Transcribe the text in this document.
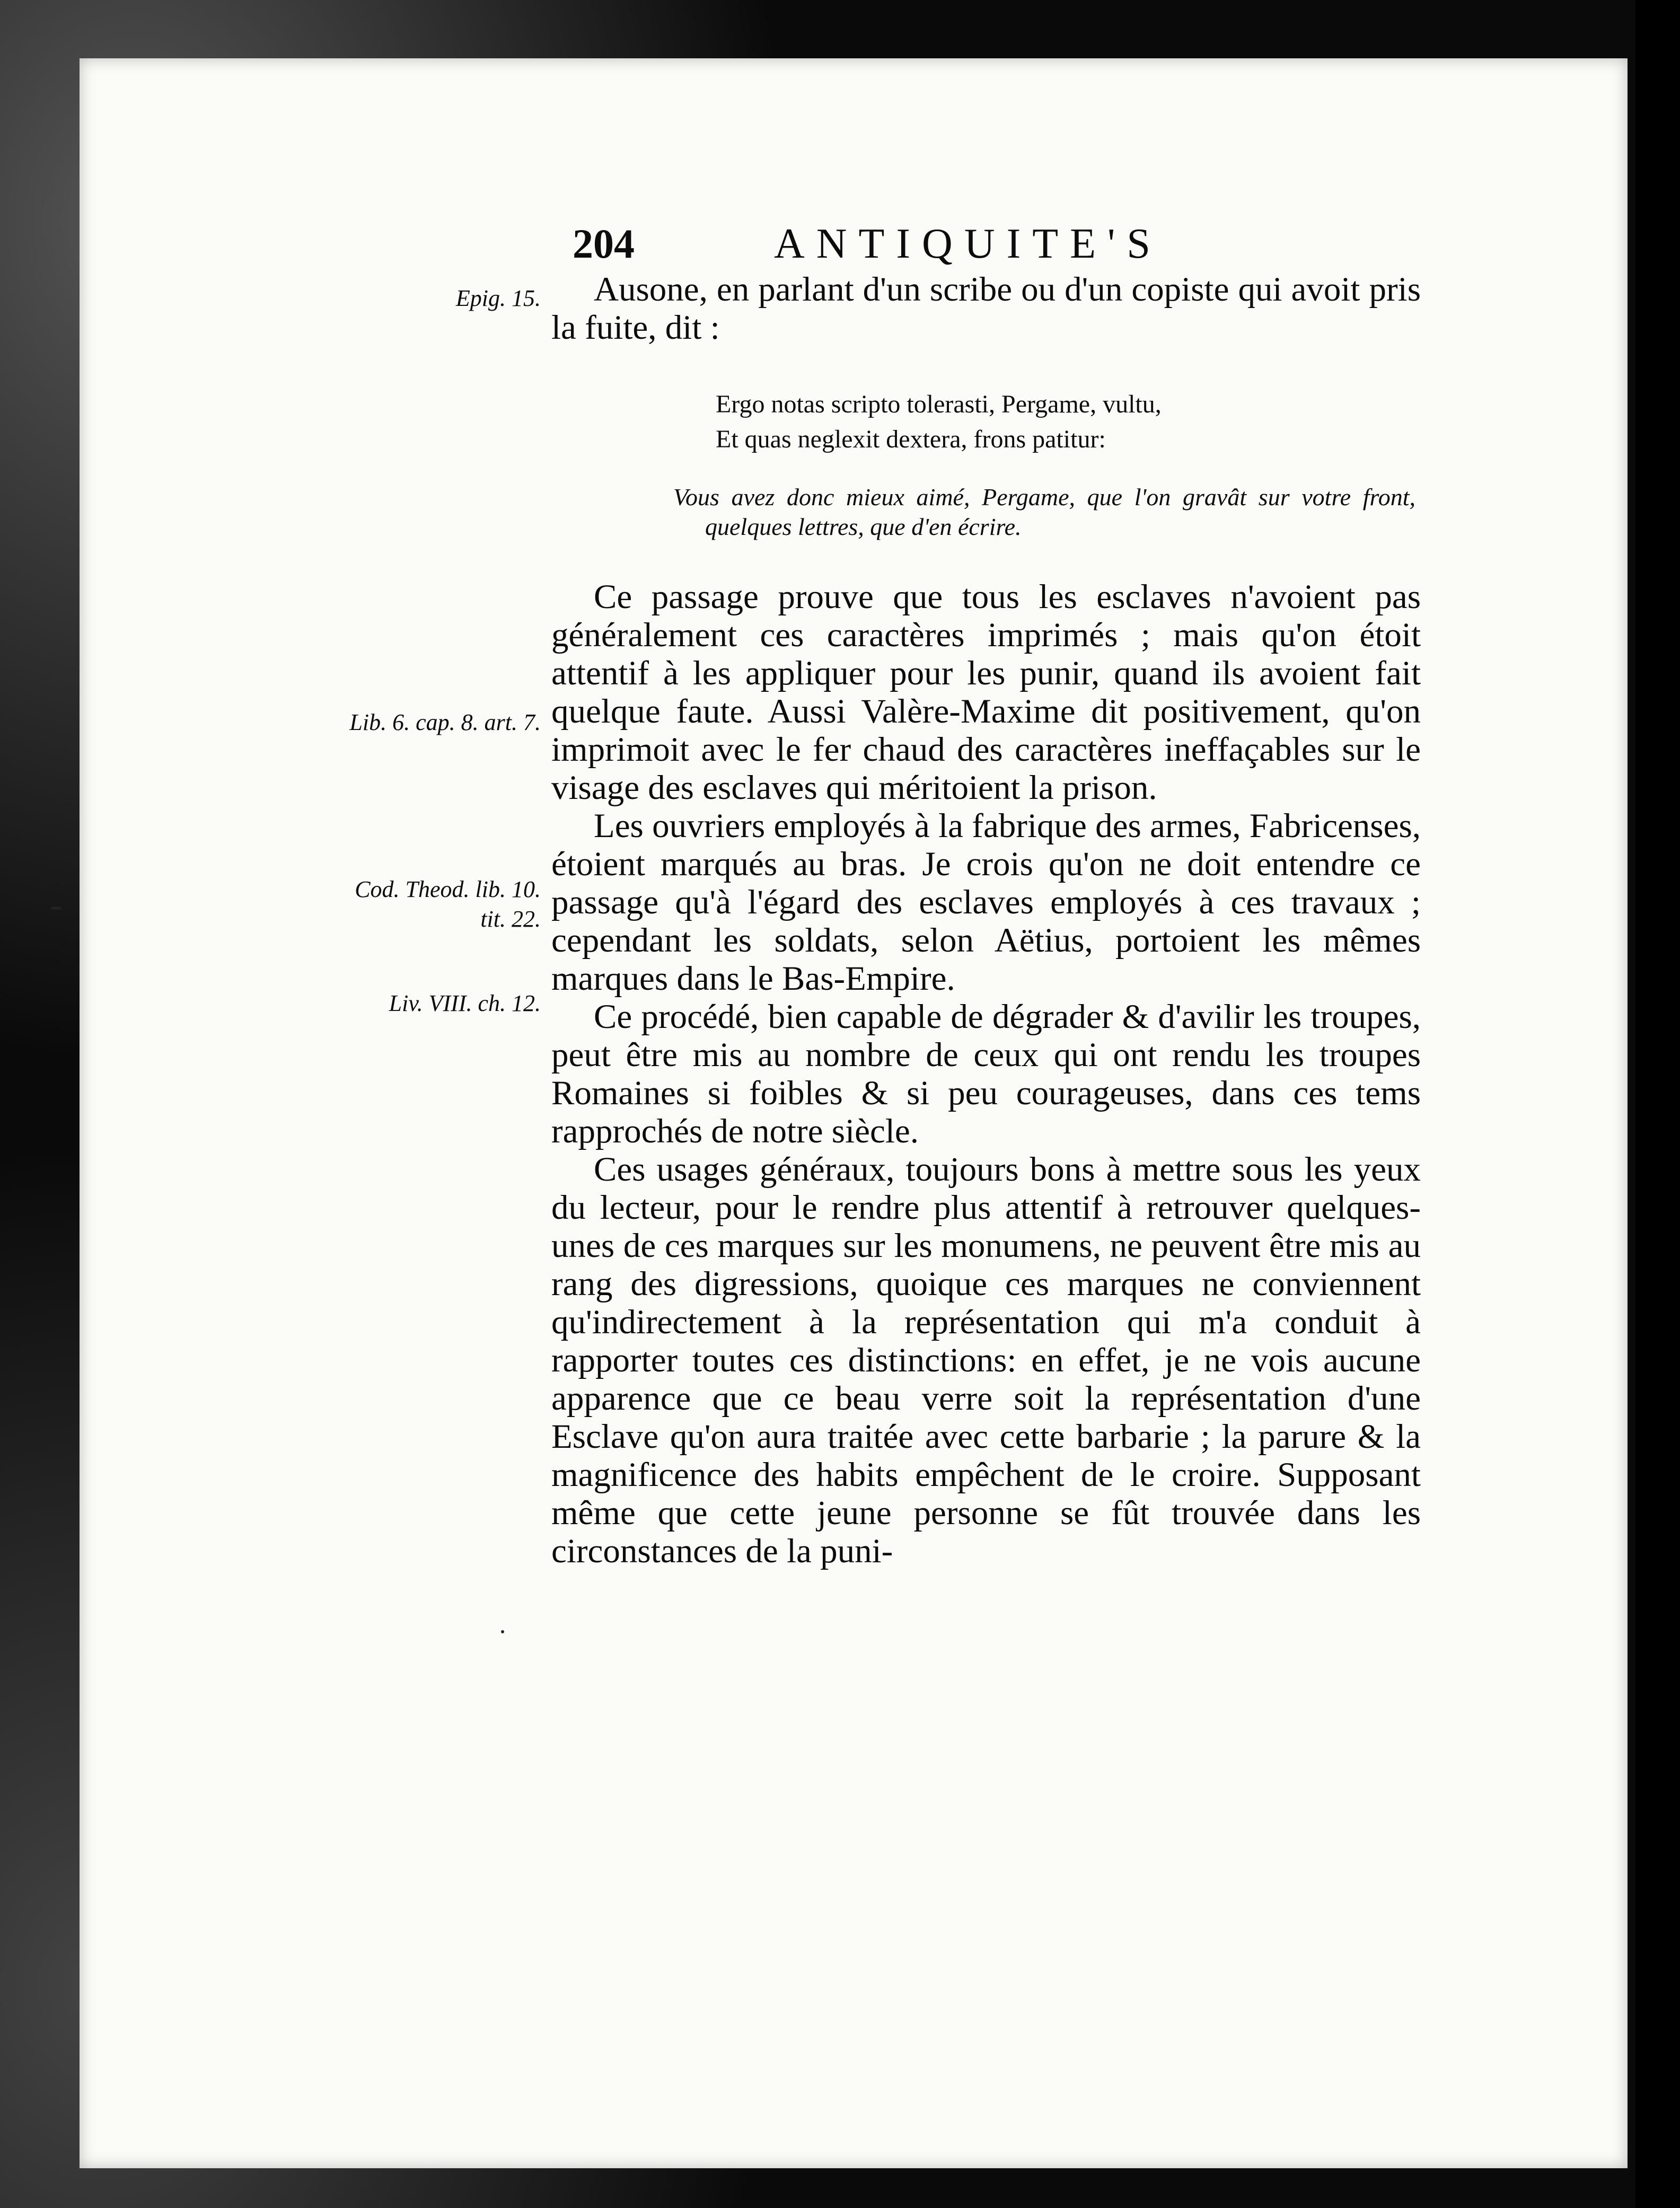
204	ANTIQUITE'S
Epig. 15.
Lib. 6. cap. 8. art. 7.
Cod. Theod. lib. 10. tit. 22.
Liv. VIII. ch. 12.

Ausone, en parlant d'un scribe ou d'un copiste qui avoit pris la fuite, dit :

Ergo notas scripto tolerasti, Pergame, vultu,
Et quas neglexit dextera, frons patitur:

Vous avez donc mieux aimé, Pergame, que l'on gravât sur votre front, quelques lettres, que d'en écrire.

Ce passage prouve que tous les esclaves n'avoient pas généralement ces caractères imprimés ; mais qu'on étoit attentif à les appliquer pour les punir, quand ils avoient fait quelque faute. Aussi Valère-Maxime dit positivement, qu'on imprimoit avec le fer chaud des caractères ineffaçables sur le visage des esclaves qui méritoient la prison.

Les ouvriers employés à la fabrique des armes, Fabricenses, étoient marqués au bras. Je crois qu'on ne doit entendre ce passage qu'à l'égard des esclaves employés à ces travaux ; cependant les soldats, selon Aëtius, portoient les mêmes marques dans le Bas-Empire.

Ce procédé, bien capable de dégrader & d'avilir les troupes, peut être mis au nombre de ceux qui ont rendu les troupes Romaines si foibles & si peu courageuses, dans ces tems rapprochés de notre siècle.

Ces usages généraux, toujours bons à mettre sous les yeux du lecteur, pour le rendre plus attentif à retrouver quelques-unes de ces marques sur les monumens, ne peuvent être mis au rang des digressions, quoique ces marques ne conviennent qu'indirectement à la représentation qui m'a conduit à rapporter toutes ces distinctions: en effet, je ne vois aucune apparence que ce beau verre soit la représentation d'une Esclave qu'on aura traitée avec cette barbarie ; la parure & la magnificence des habits empêchent de le croire. Supposant même que cette jeune personne se fût trouvée dans les circonstances de la puni-
